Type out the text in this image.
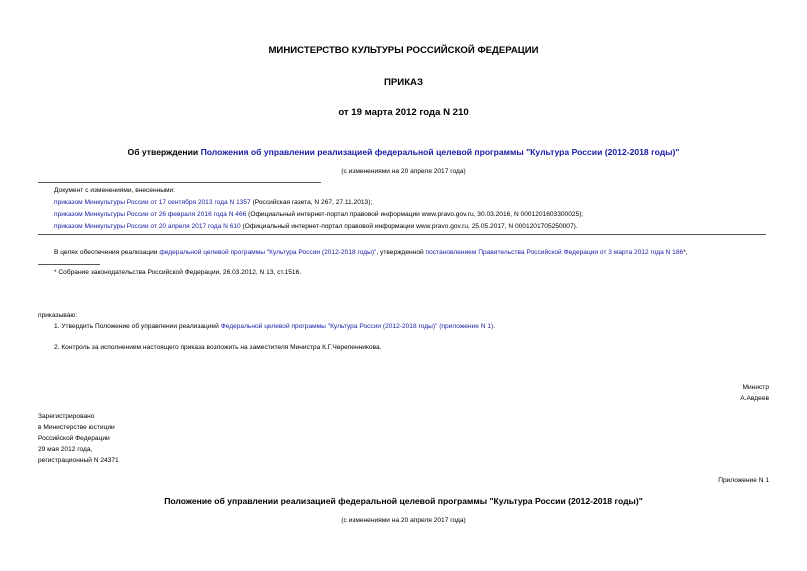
МИНИСТЕРСТВО КУЛЬТУРЫ РОССИЙСКОЙ ФЕДЕРАЦИИ
ПРИКАЗ
от 19 марта 2012 года N 210
Об утверждении Положения об управлении реализацией федеральной целевой программы "Культура России (2012-2018 годы)"
(с изменениями на 20 апреля 2017 года)
Документ с изменениями, внесенными:
приказом Минкультуры России от 17 сентября 2013 года N 1357 (Российская газета, N 267, 27.11.2013);
приказом Минкультуры России от 26 февраля 2016 года N 466 (Официальный интернет-портал правовой информации www.pravo.gov.ru, 30.03.2016, N 0001201603300025);
приказом Минкультуры России от 20 апреля 2017 года N 610 (Официальный интернет-портал правовой информации www.pravo.gov.ru, 25.05.2017, N 0001201705250007).
В целях обеспечения реализации федеральной целевой программы "Культура России (2012-2018 годы)", утвержденной постановлением Правительства Российской Федерации от 3 марта 2012 года N 186*,
* Собрание законодательства Российской Федерации, 26.03.2012, N 13, ст.1516.
приказываю:
1. Утвердить Положение об управлении реализацией Федеральной целевой программы "Культура России (2012-2018 годы)" (приложение N 1).
2. Контроль за исполнением настоящего приказа возложить на заместителя Министра К.Г.Черепенникова.
Министр
А.Авдеев
Зарегистрировано
в Министерстве юстиции
Российской Федерации
29 мая 2012 года,
регистрационный N 24371
Приложение N 1
Положение об управлении реализацией федеральной целевой программы "Культура России (2012-2018 годы)"
(с изменениями на 20 апреля 2017 года)
